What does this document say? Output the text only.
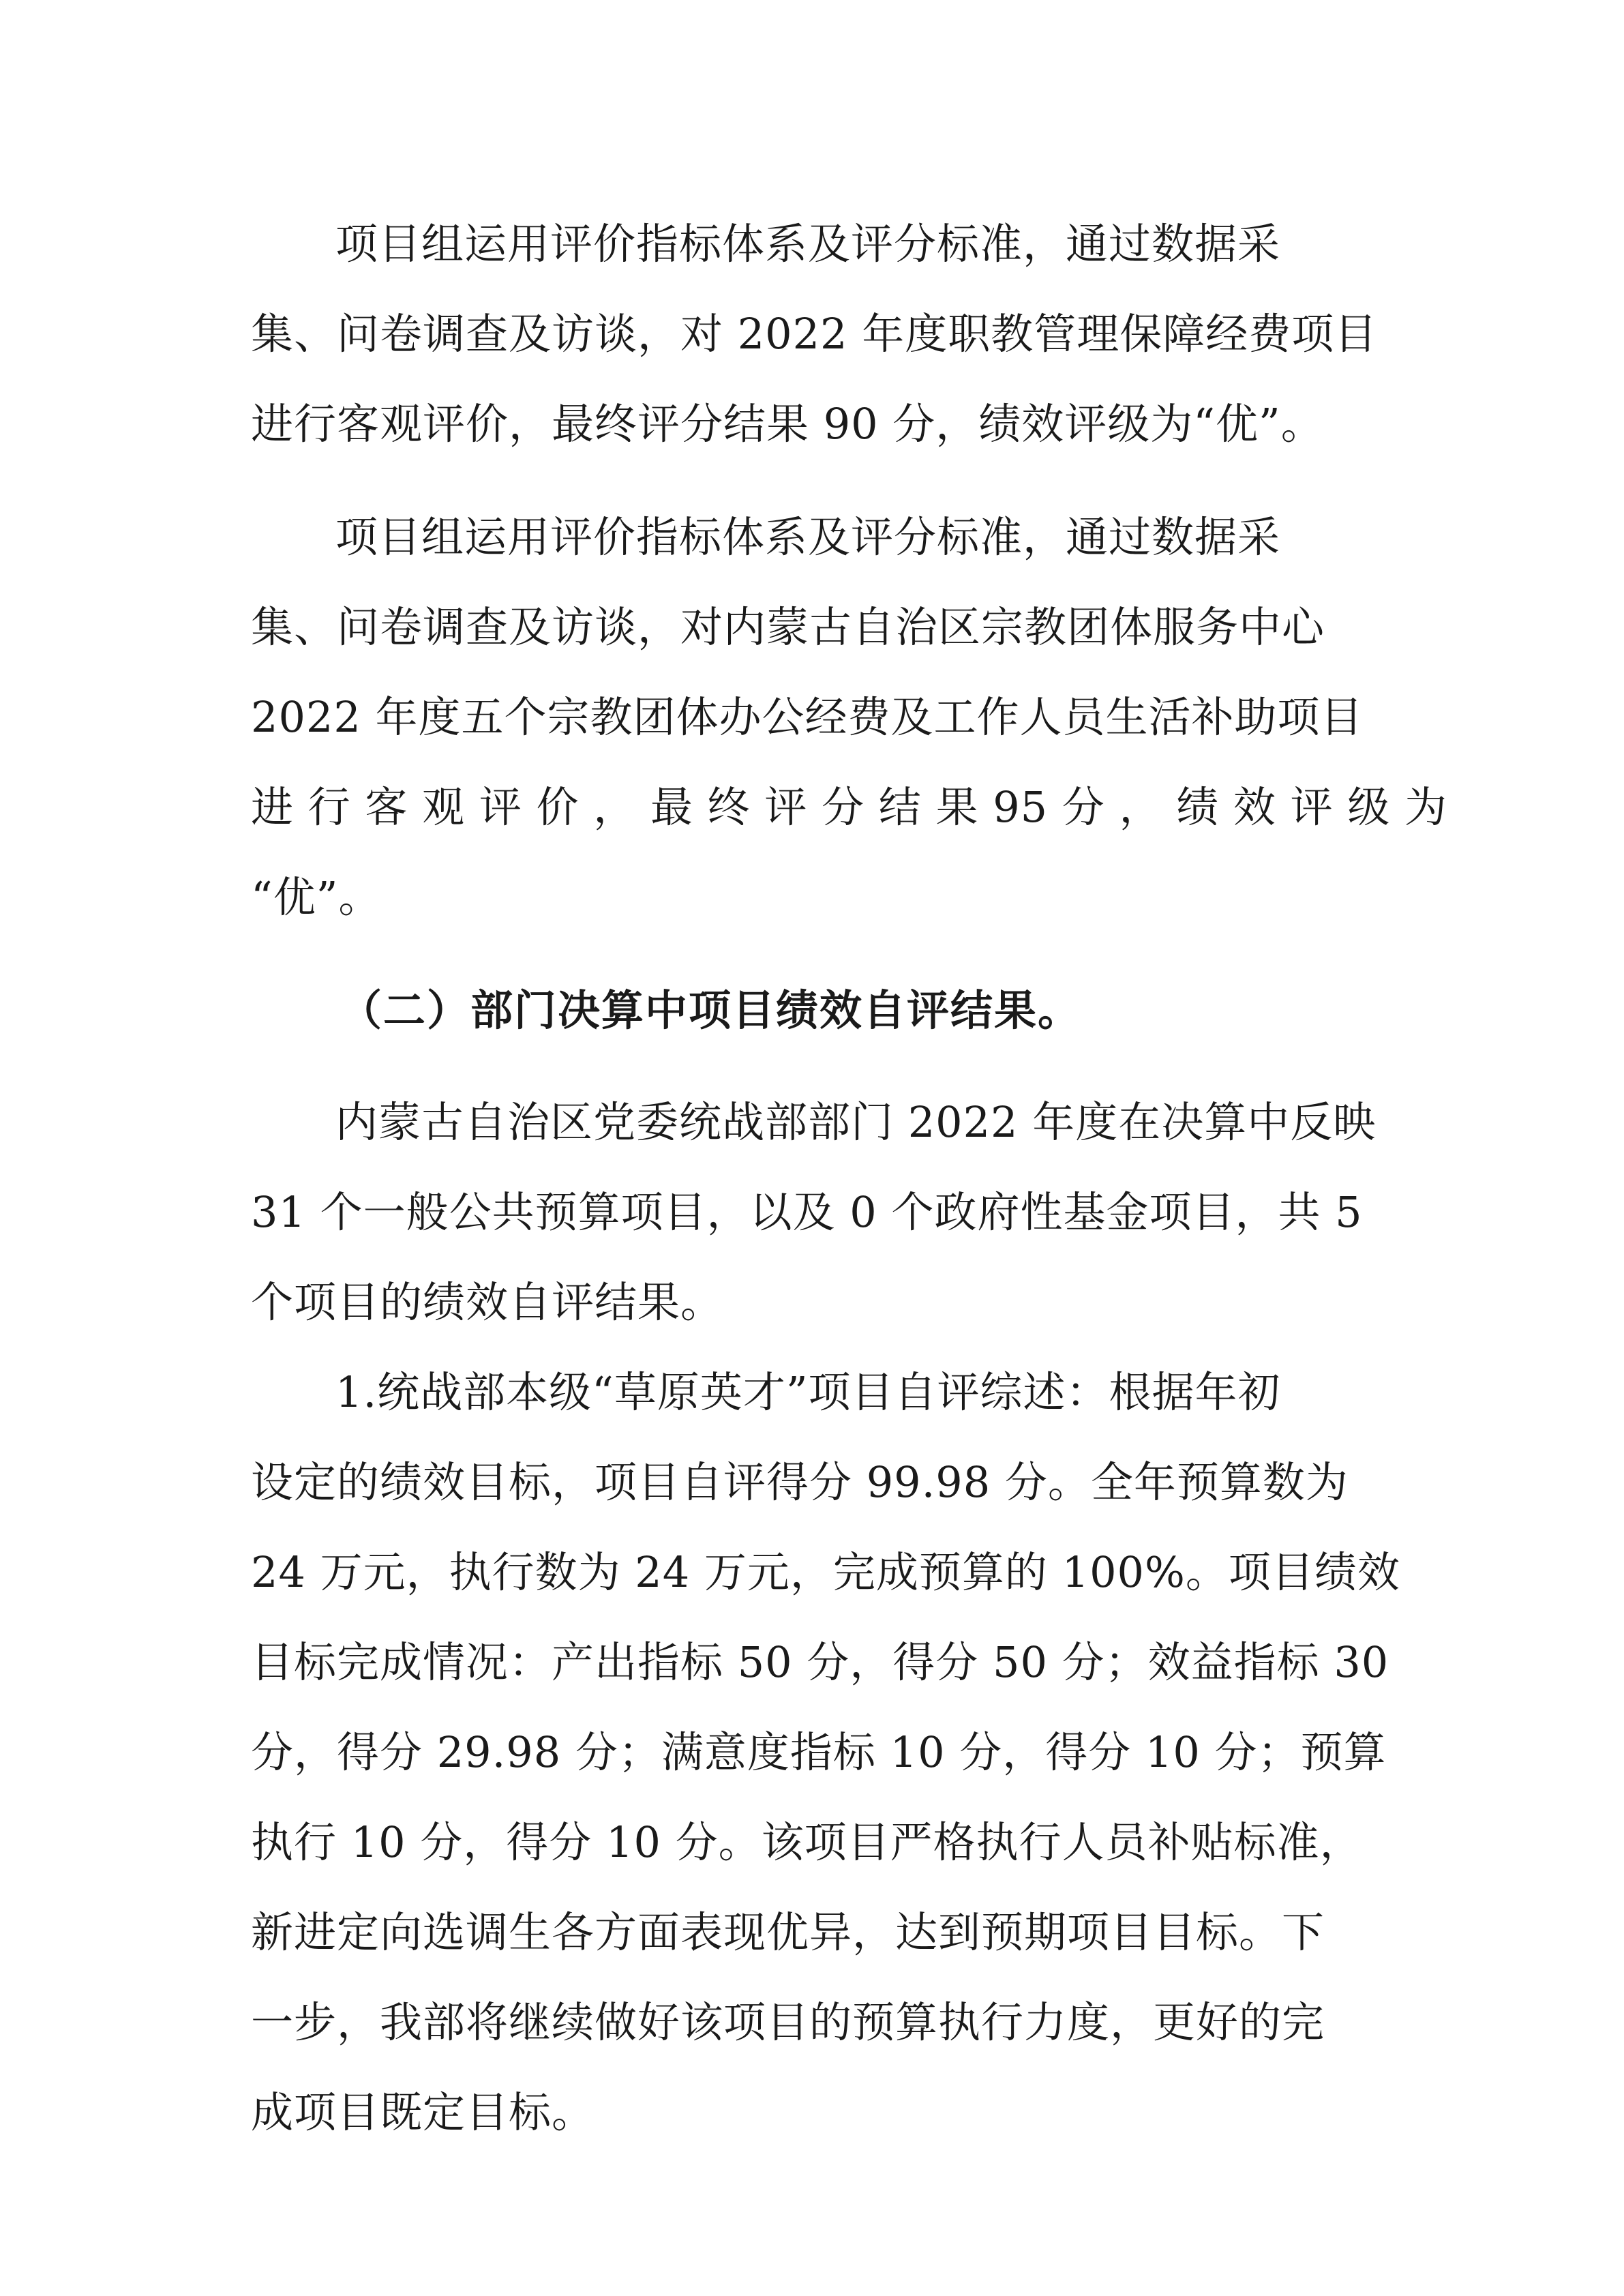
项目组运用评价指标体系及评分标准，通过数据采

集、问卷调查及访谈，对 2022 年度职教管理保障经费项目

进行客观评价，最终评分结果 90 分，绩效评级为“优”。

项目组运用评价指标体系及评分标准，通过数据采

集、问卷调查及访谈，对内蒙古自治区宗教团体服务中心

2022 年度五个宗教团体办公经费及工作人员生活补助项目

进 行 客 观 评 价 ， 最 终 评 分 结 果 95 分 ， 绩 效 评 级 为

“优”。

（二）部门决算中项目绩效自评结果。

内蒙古自治区党委统战部部门 2022 年度在决算中反映

31 个一般公共预算项目，以及 0 个政府性基金项目，共 5

个项目的绩效自评结果。

1.统战部本级“草原英才”项目自评综述：根据年初

设定的绩效目标，项目自评得分 99.98 分。全年预算数为

24 万元，执行数为 24 万元，完成预算的 100%。项目绩效

目标完成情况：产出指标 50 分，得分 50 分；效益指标 30

分，得分 29.98 分；满意度指标 10 分，得分 10 分；预算

执行 10 分，得分 10 分。该项目严格执行人员补贴标准，

新进定向选调生各方面表现优异，达到预期项目目标。下

一步，我部将继续做好该项目的预算执行力度，更好的完

成项目既定目标。
